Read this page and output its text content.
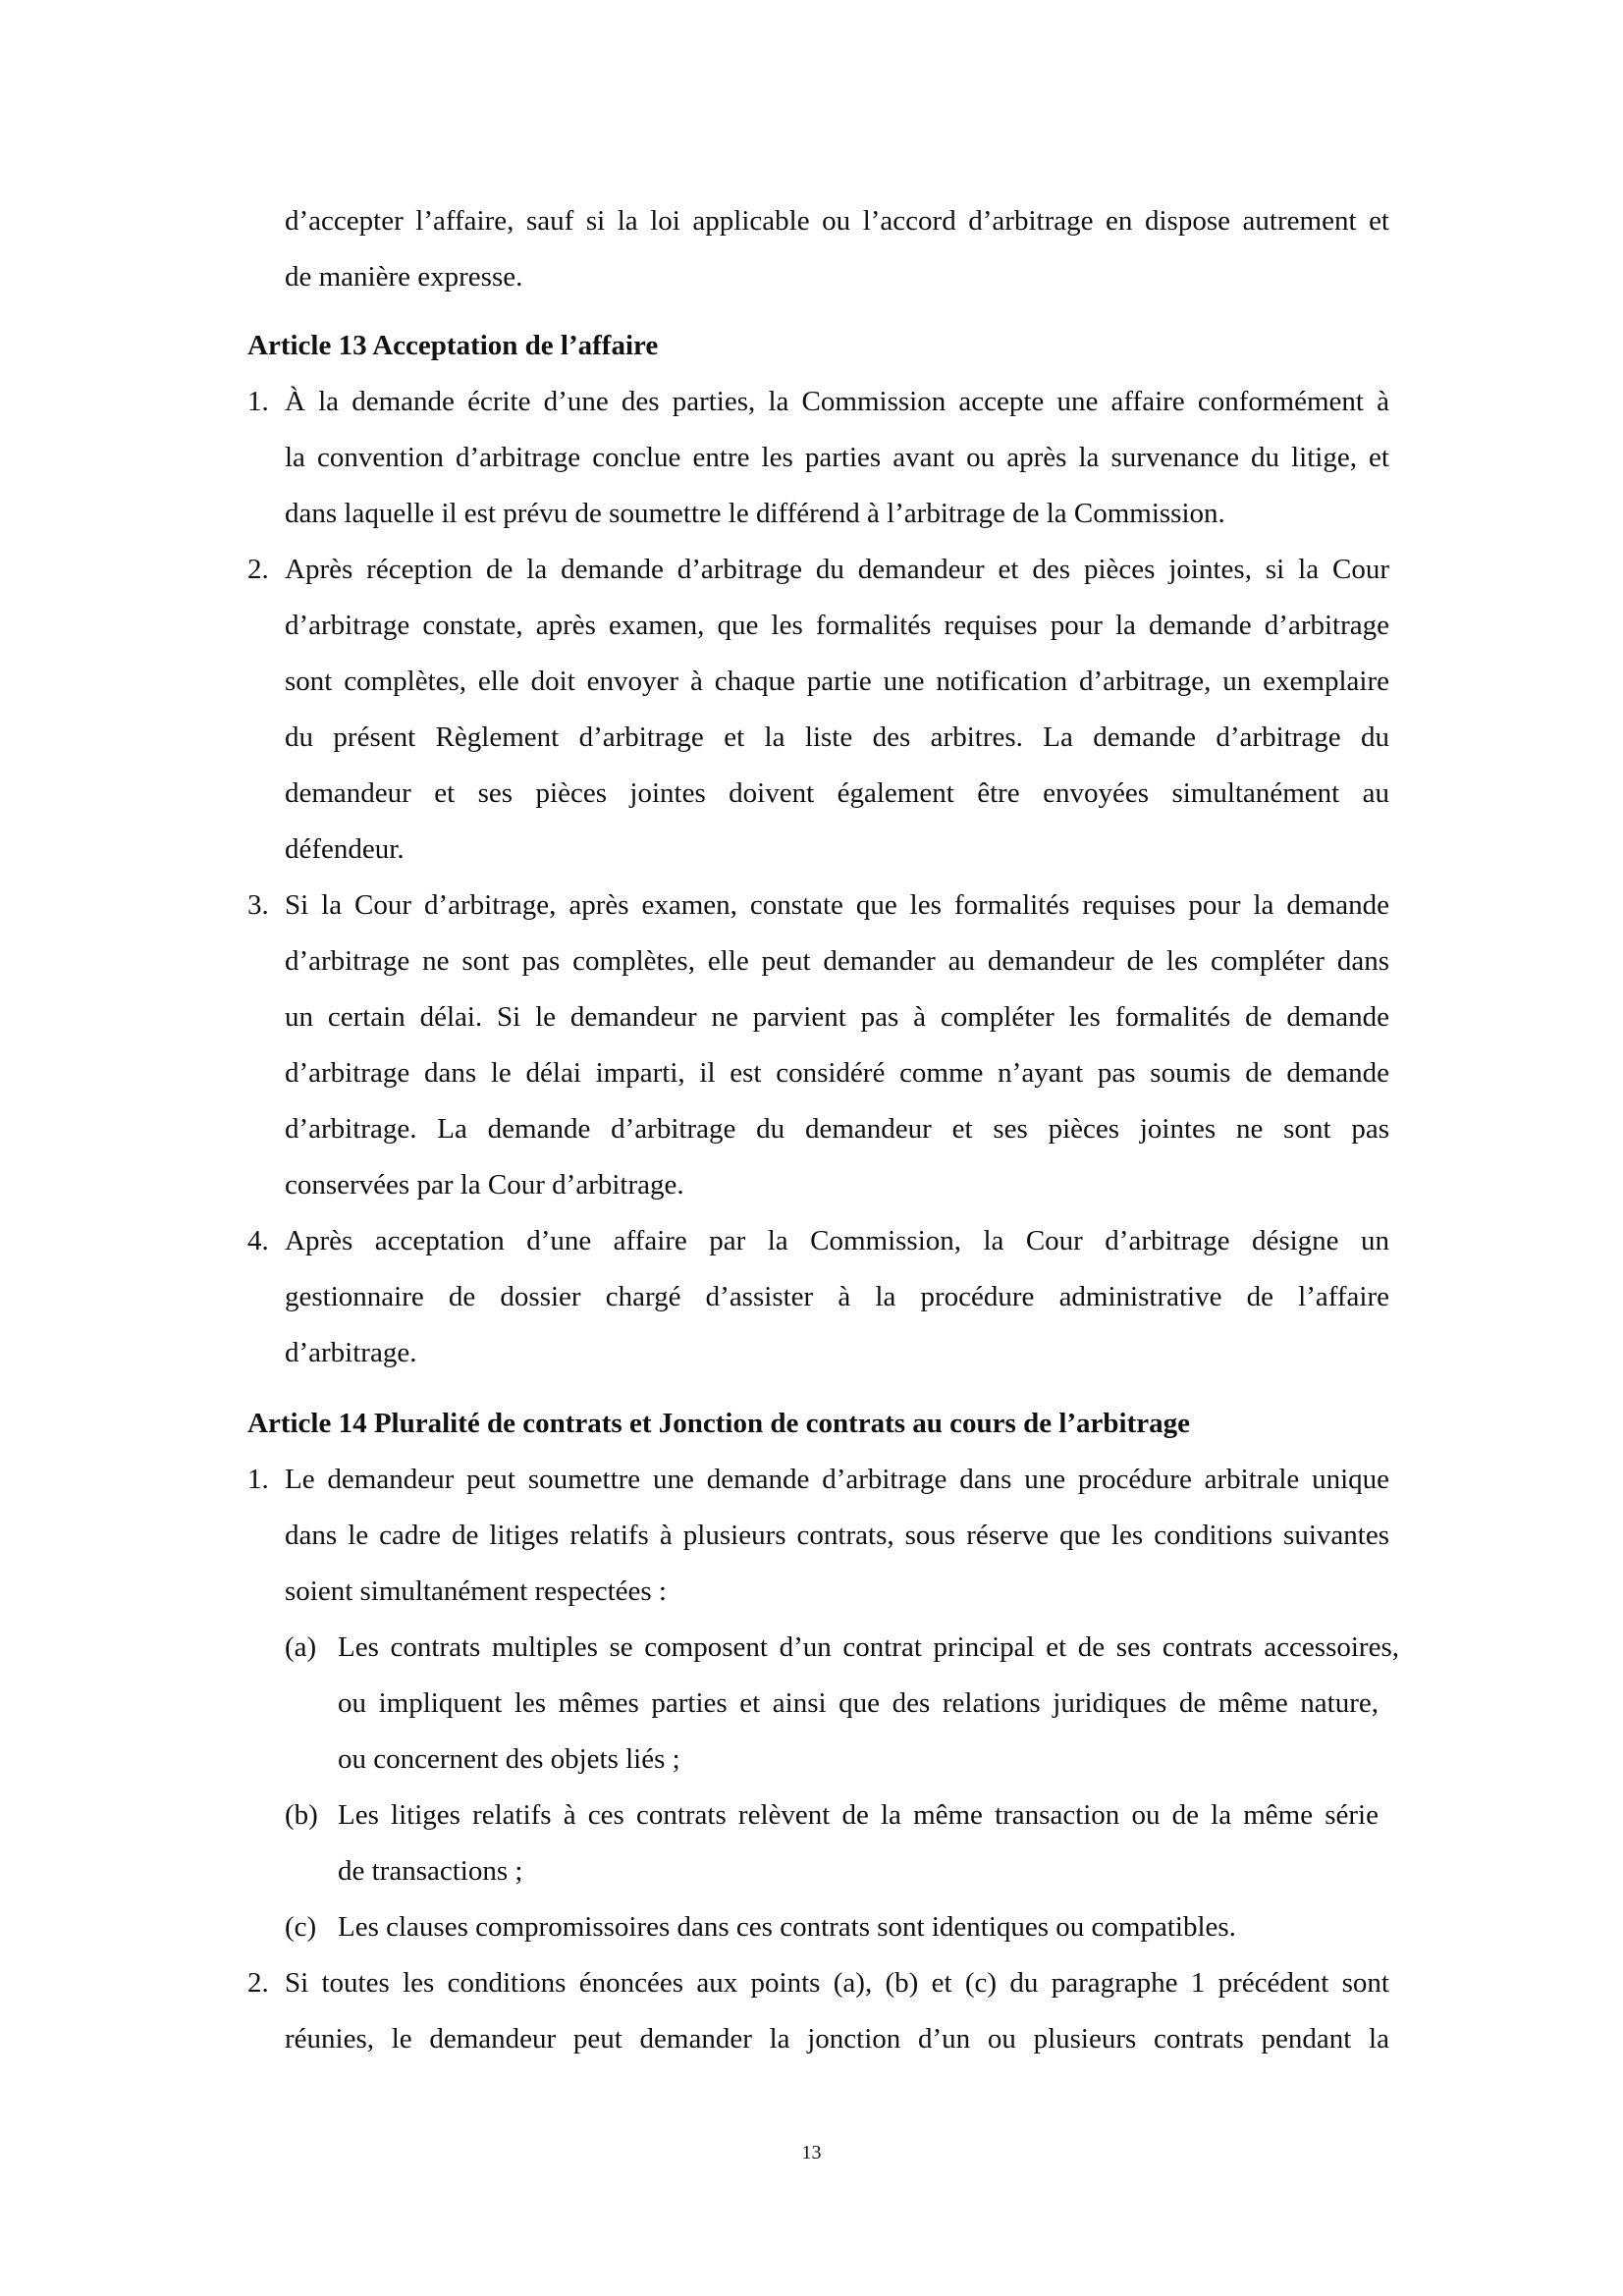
d’accepter l’affaire, sauf si la loi applicable ou l’accord d’arbitrage en dispose autrement et
de manière expresse.
Article 13 Acceptation de l’affaire
1. À la demande écrite d’une des parties, la Commission accepte une affaire conformément à
la convention d’arbitrage conclue entre les parties avant ou après la survenance du litige, et
dans laquelle il est prévu de soumettre le différend à l’arbitrage de la Commission.
2. Après réception de la demande d’arbitrage du demandeur et des pièces jointes, si la Cour
d’arbitrage constate, après examen, que les formalités requises pour la demande d’arbitrage
sont complètes, elle doit envoyer à chaque partie une notification d’arbitrage, un exemplaire
du présent Règlement d’arbitrage et la liste des arbitres. La demande d’arbitrage du
demandeur et ses pièces jointes doivent également être envoyées simultanément au
défendeur.
3. Si la Cour d’arbitrage, après examen, constate que les formalités requises pour la demande
d’arbitrage ne sont pas complètes, elle peut demander au demandeur de les compléter dans
un certain délai. Si le demandeur ne parvient pas à compléter les formalités de demande
d’arbitrage dans le délai imparti, il est considéré comme n’ayant pas soumis de demande
d’arbitrage. La demande d’arbitrage du demandeur et ses pièces jointes ne sont pas
conservées par la Cour d’arbitrage.
4. Après acceptation d’une affaire par la Commission, la Cour d’arbitrage désigne un
gestionnaire de dossier chargé d’assister à la procédure administrative de l’affaire
d’arbitrage.
Article 14 Pluralité de contrats et Jonction de contrats au cours de l’arbitrage
1. Le demandeur peut soumettre une demande d’arbitrage dans une procédure arbitrale unique
dans le cadre de litiges relatifs à plusieurs contrats, sous réserve que les conditions suivantes
soient simultanément respectées :
(a) Les contrats multiples se composent d’un contrat principal et de ses contrats accessoires,
ou impliquent les mêmes parties et ainsi que des relations juridiques de même nature,
ou concernent des objets liés ;
(b) Les litiges relatifs à ces contrats relèvent de la même transaction ou de la même série
de transactions ;
(c) Les clauses compromissoires dans ces contrats sont identiques ou compatibles.
2. Si toutes les conditions énoncées aux points (a), (b) et (c) du paragraphe 1 précédent sont
réunies, le demandeur peut demander la jonction d’un ou plusieurs contrats pendant la
13
